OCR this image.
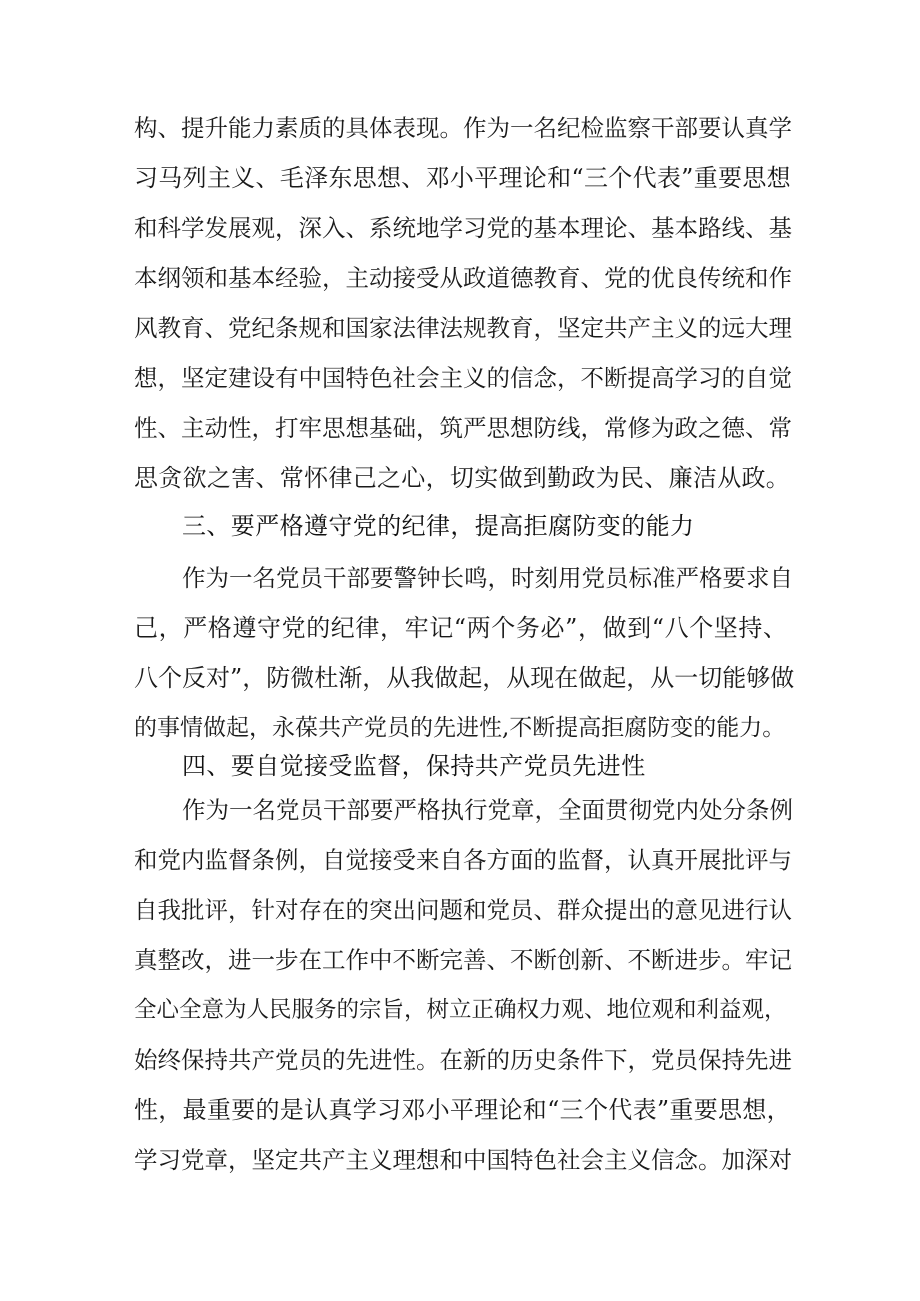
构、提升能力素质的具体表现。作为一名纪检监察干部要认真学
习马列主义、毛泽东思想、邓小平理论和“三个代表”重要思想
和科学发展观，深入、系统地学习党的基本理论、基本路线、基
本纲领和基本经验，主动接受从政道德教育、党的优良传统和作
风教育、党纪条规和国家法律法规教育，坚定共产主义的远大理
想，坚定建设有中国特色社会主义的信念，不断提高学习的自觉
性、主动性，打牢思想基础，筑严思想防线，常修为政之德、常
思贪欲之害、常怀律己之心，切实做到勤政为民、廉洁从政。
三、要严格遵守党的纪律，提高拒腐防变的能力
作为一名党员干部要警钟长鸣，时刻用党员标准严格要求自
己，严格遵守党的纪律，牢记“两个务必”，做到“八个坚持、
八个反对”，防微杜渐，从我做起，从现在做起，从一切能够做
的事情做起，永葆共产党员的先进性,不断提高拒腐防变的能力。
四、要自觉接受监督，保持共产党员先进性
作为一名党员干部要严格执行党章，全面贯彻党内处分条例
和党内监督条例，自觉接受来自各方面的监督，认真开展批评与
自我批评，针对存在的突出问题和党员、群众提出的意见进行认
真整改，进一步在工作中不断完善、不断创新、不断进步。牢记
全心全意为人民服务的宗旨，树立正确权力观、地位观和利益观，
始终保持共产党员的先进性。在新的历史条件下，党员保持先进
性，最重要的是认真学习邓小平理论和“三个代表”重要思想，
学习党章，坚定共产主义理想和中国特色社会主义信念。加深对
